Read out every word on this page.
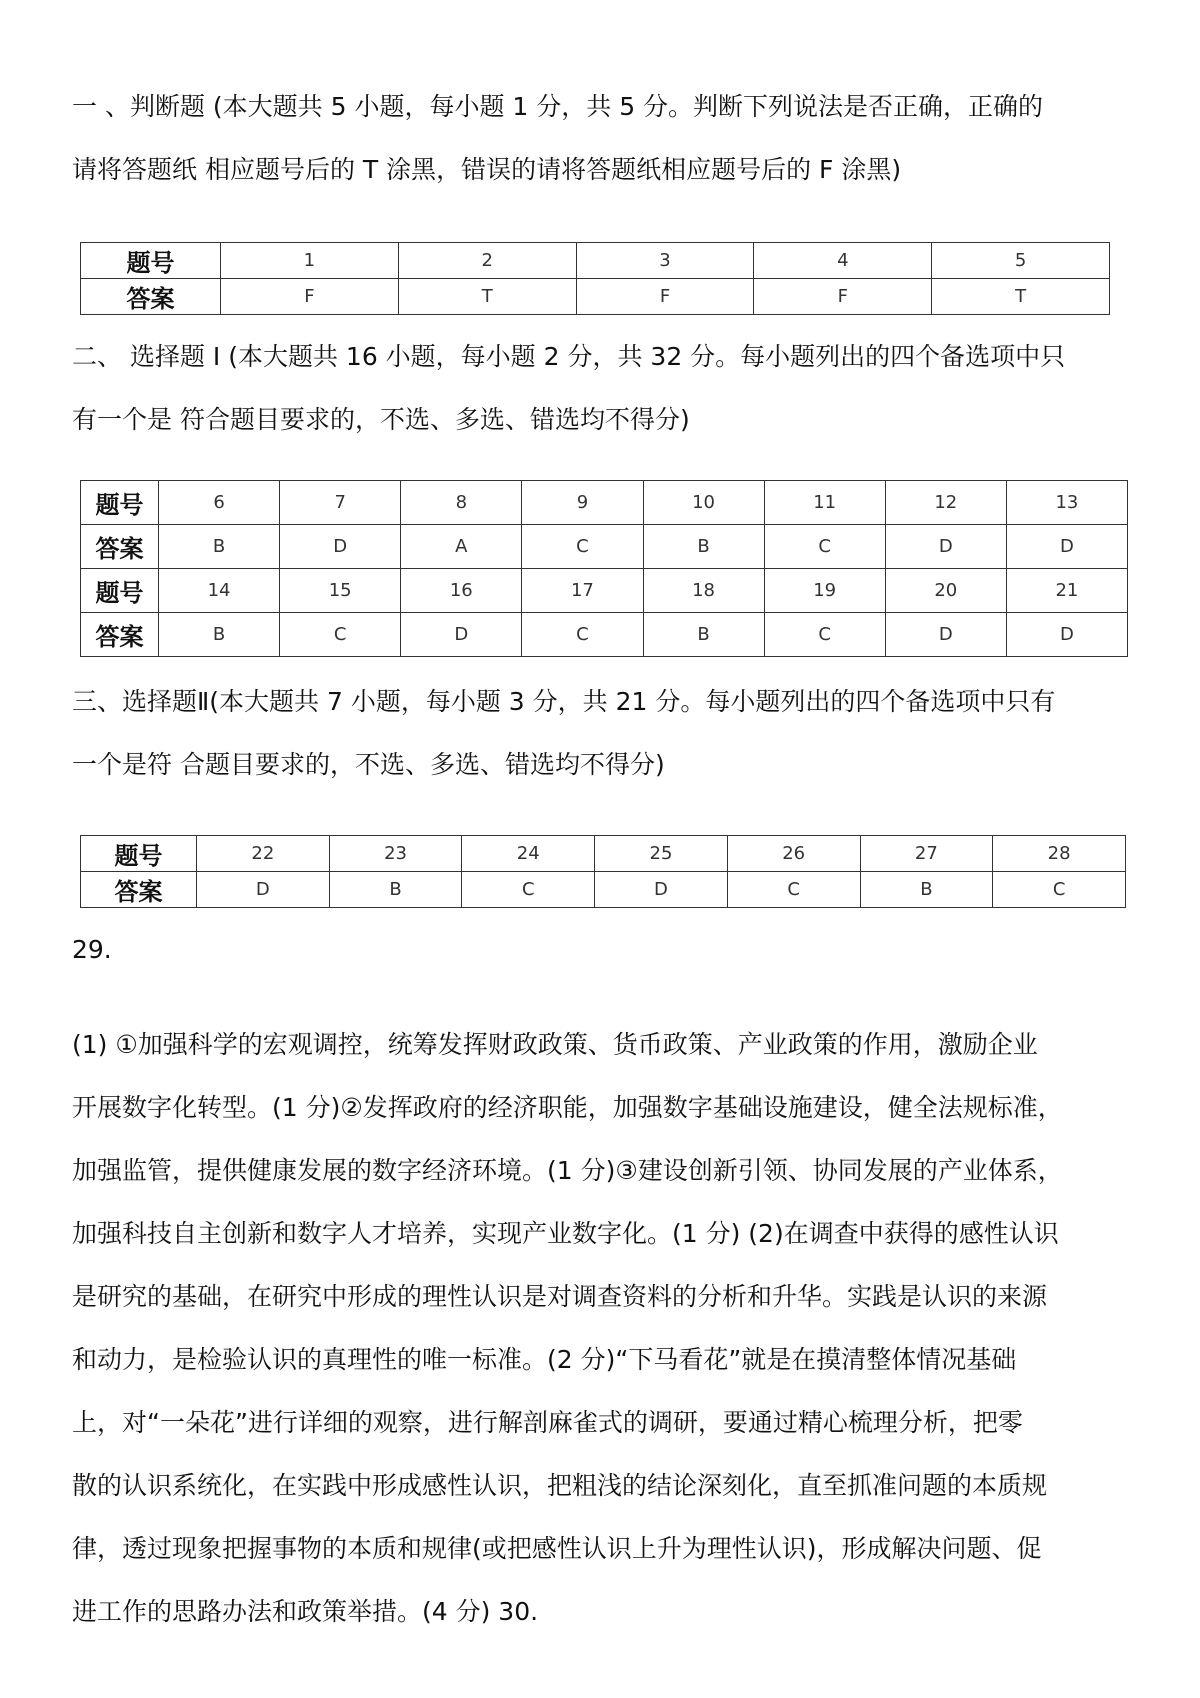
一 、判断题 (本大题共 5 小题，每小题 1 分，共 5 分。判断下列说法是否正确，正确的
请将答题纸 相应题号后的 T 涂黑，错误的请将答题纸相应题号后的 F 涂黑)
题号	1	2	3	4	5
答案	F	T	F	F	T
二、 选择题 I (本大题共 16 小题，每小题 2 分，共 32 分。每小题列出的四个备选项中只
有一个是 符合题目要求的，不选、多选、错选均不得分)
题号	6	7	8	9	10	11	12	13
答案	B	D	A	C	B	C	D	D
题号	14	15	16	17	18	19	20	21
答案	B	C	D	C	B	C	D	D
三、选择题Ⅱ(本大题共 7 小题，每小题 3 分，共 21 分。每小题列出的四个备选项中只有
一个是符 合题目要求的，不选、多选、错选均不得分)
题号	22	23	24	25	26	27	28
答案	D	B	C	D	C	B	C
29.
(1) ①加强科学的宏观调控，统筹发挥财政政策、货币政策、产业政策的作用，激励企业
开展数字化转型。(1 分)②发挥政府的经济职能，加强数字基础设施建设，健全法规标准，
加强监管，提供健康发展的数字经济环境。(1 分)③建设创新引领、协同发展的产业体系，
加强科技自主创新和数字人才培养，实现产业数字化。(1 分) (2)在调查中获得的感性认识
是研究的基础，在研究中形成的理性认识是对调查资料的分析和升华。实践是认识的来源
和动力，是检验认识的真理性的唯一标准。(2 分)“下马看花”就是在摸清整体情况基础
上，对“一朵花”进行详细的观察，进行解剖麻雀式的调研，要通过精心梳理分析，把零
散的认识系统化，在实践中形成感性认识，把粗浅的结论深刻化，直至抓准问题的本质规
律，透过现象把握事物的本质和规律(或把感性认识上升为理性认识)，形成解决问题、促
进工作的思路办法和政策举措。(4 分) 30.
